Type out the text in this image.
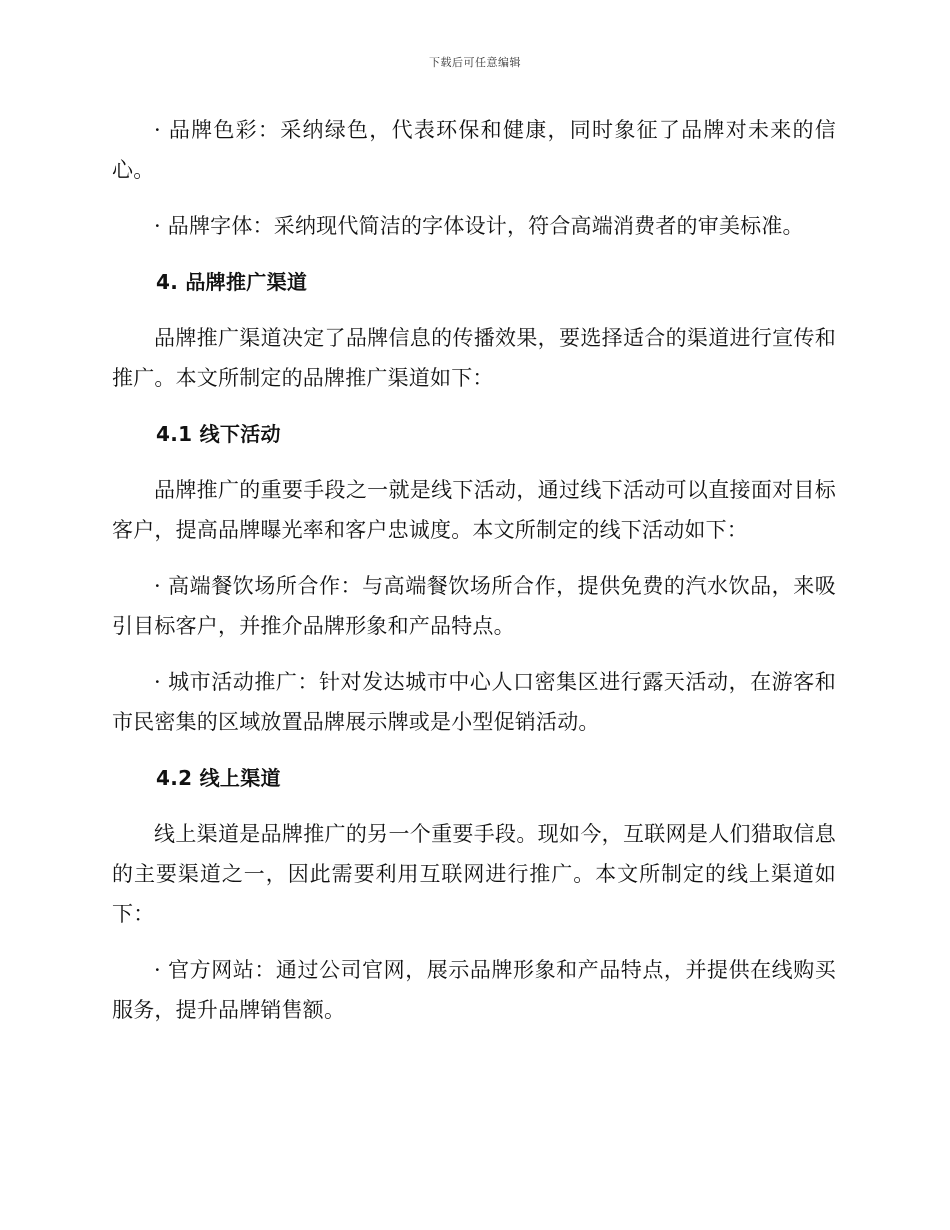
下载后可任意编辑

· 品牌色彩：采纳绿色，代表环保和健康，同时象征了品牌对未来的信心。

· 品牌字体：采纳现代简洁的字体设计，符合高端消费者的审美标准。

4. 品牌推广渠道

品牌推广渠道决定了品牌信息的传播效果，要选择适合的渠道进行宣传和推广。本文所制定的品牌推广渠道如下：

4.1 线下活动

品牌推广的重要手段之一就是线下活动，通过线下活动可以直接面对目标客户，提高品牌曝光率和客户忠诚度。本文所制定的线下活动如下：

· 高端餐饮场所合作：与高端餐饮场所合作，提供免费的汽水饮品，来吸引目标客户，并推介品牌形象和产品特点。

· 城市活动推广：针对发达城市中心人口密集区进行露天活动，在游客和市民密集的区域放置品牌展示牌或是小型促销活动。

4.2 线上渠道

线上渠道是品牌推广的另一个重要手段。现如今，互联网是人们猎取信息的主要渠道之一，因此需要利用互联网进行推广。本文所制定的线上渠道如下：

· 官方网站：通过公司官网，展示品牌形象和产品特点，并提供在线购买服务，提升品牌销售额。
